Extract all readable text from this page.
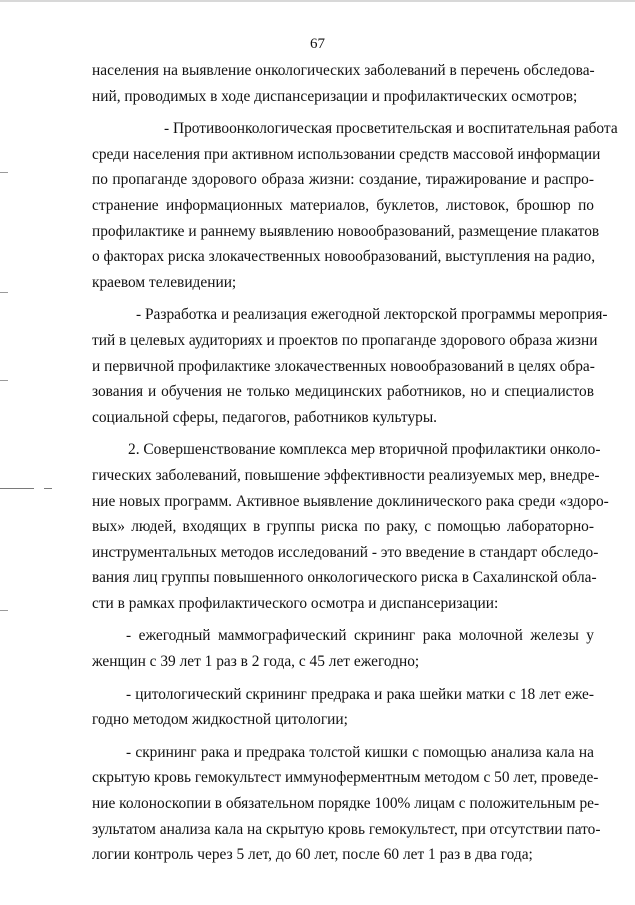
67

населения на выявление онкологических заболеваний в перечень обследова-
ний, проводимых в ходе диспансеризации и профилактических осмотров;

- Противоонкологическая просветительская и воспитательная работа
среди населения при активном использовании средств массовой информации
по пропаганде здорового образа жизни: создание, тиражирование и распро-
странение информационных материалов, буклетов, листовок, брошюр по
профилактике и раннему выявлению новообразований, размещение плакатов
о факторах риска злокачественных новообразований, выступления на радио,
краевом телевидении;

- Разработка и реализация ежегодной лекторской программы мероприя-
тий в целевых аудиториях и проектов по пропаганде здорового образа жизни
и первичной профилактике злокачественных новообразований в целях обра-
зования и обучения не только медицинских работников, но и специалистов
социальной сферы, педагогов, работников культуры.

2. Совершенствование комплекса мер вторичной профилактики онколо-
гических заболеваний, повышение эффективности реализуемых мер, внедре-
ние новых программ. Активное выявление доклинического рака среди «здоро-
вых» людей, входящих в группы риска по раку, с помощью лабораторно-
инструментальных методов исследований - это введение в стандарт обследо-
вания лиц группы повышенного онкологического риска в Сахалинской обла-
сти в рамках профилактического осмотра и диспансеризации:

- ежегодный маммографический скрининг рака молочной железы у
женщин с 39 лет 1 раз в 2 года, с 45 лет ежегодно;

- цитологический скрининг предрака и рака шейки матки с 18 лет еже-
годно методом жидкостной цитологии;

- скрининг рака и предрака толстой кишки с помощью анализа кала на
скрытую кровь гемокультест иммуноферментным методом с 50 лет, проведе-
ние колоноскопии в обязательном порядке 100% лицам с положительным ре-
зультатом анализа кала на скрытую кровь гемокультест, при отсутствии пато-
логии контроль через 5 лет, до 60 лет, после 60 лет 1 раз в два года;
